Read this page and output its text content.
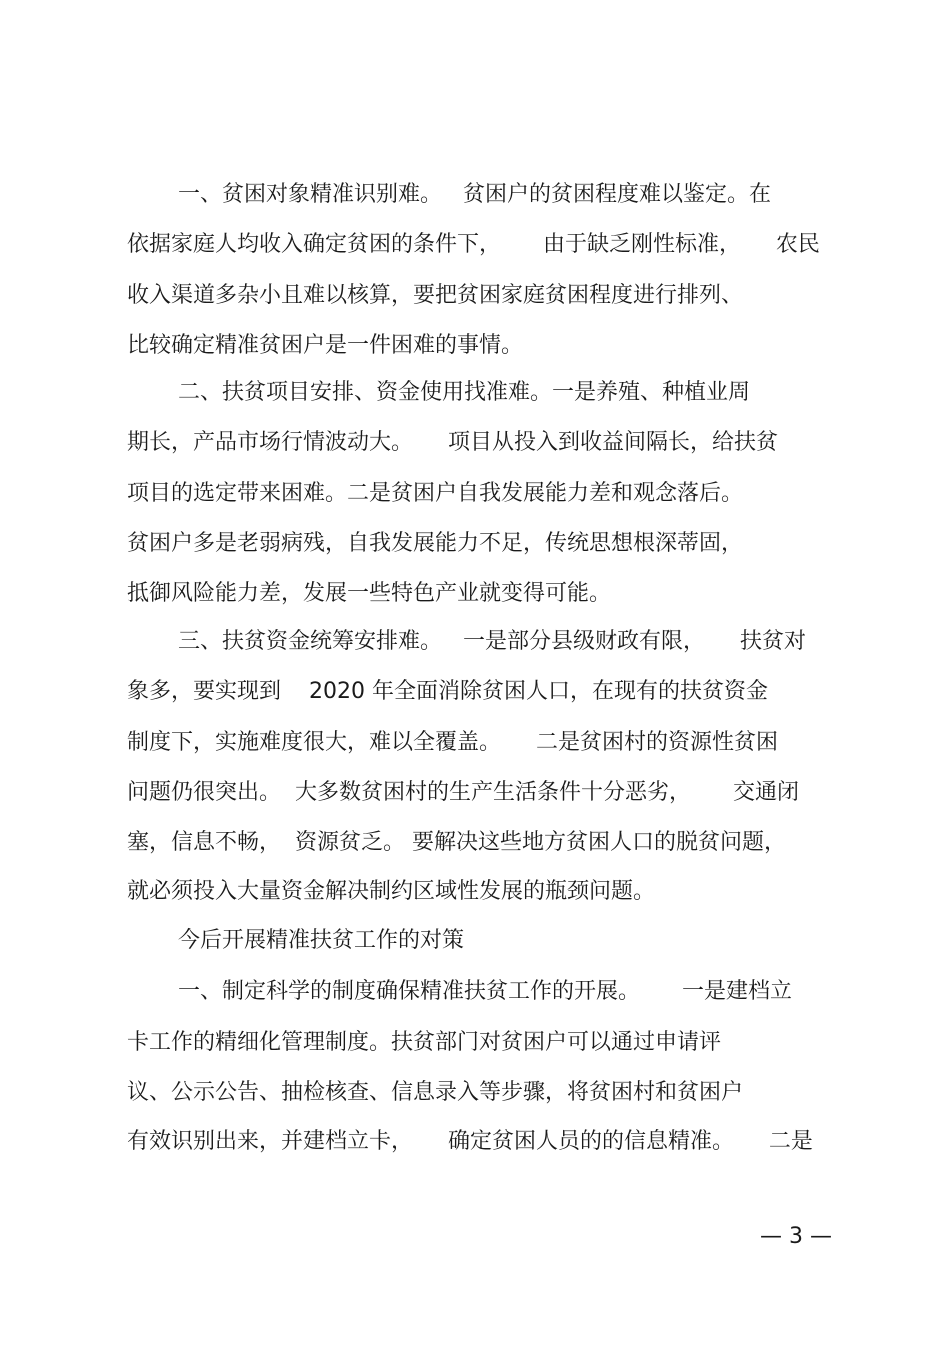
一、贫困对象精准识别难。   贫困户的贫困程度难以鉴定。在
依据家庭人均收入确定贫困的条件下，      由于缺乏刚性标准，     农民
收入渠道多杂小且难以核算，要把贫困家庭贫困程度进行排列、
比较确定精准贫困户是一件困难的事情。
二、扶贫项目安排、资金使用找准难。一是养殖、种植业周
期长，产品市场行情波动大。     项目从投入到收益间隔长，给扶贫
项目的选定带来困难。二是贫困户自我发展能力差和观念落后。
贫困户多是老弱病残，自我发展能力不足，传统思想根深蒂固，
抵御风险能力差，发展一些特色产业就变得可能。
三、扶贫资金统筹安排难。   一是部分县级财政有限，     扶贫对
象多，要实现到    2020 年全面消除贫困人口，在现有的扶贫资金
制度下，实施难度很大，难以全覆盖。     二是贫困村的资源性贫困
问题仍很突出。  大多数贫困村的生产生活条件十分恶劣，      交通闭
塞，信息不畅，  资源贫乏。 要解决这些地方贫困人口的脱贫问题，
就必须投入大量资金解决制约区域性发展的瓶颈问题。
今后开展精准扶贫工作的对策
一、制定科学的制度确保精准扶贫工作的开展。      一是建档立
卡工作的精细化管理制度。扶贫部门对贫困户可以通过申请评
议、公示公告、抽检核查、信息录入等步骤，将贫困村和贫困户
有效识别出来，并建档立卡，     确定贫困人员的的信息精准。     二是
— 3 —
